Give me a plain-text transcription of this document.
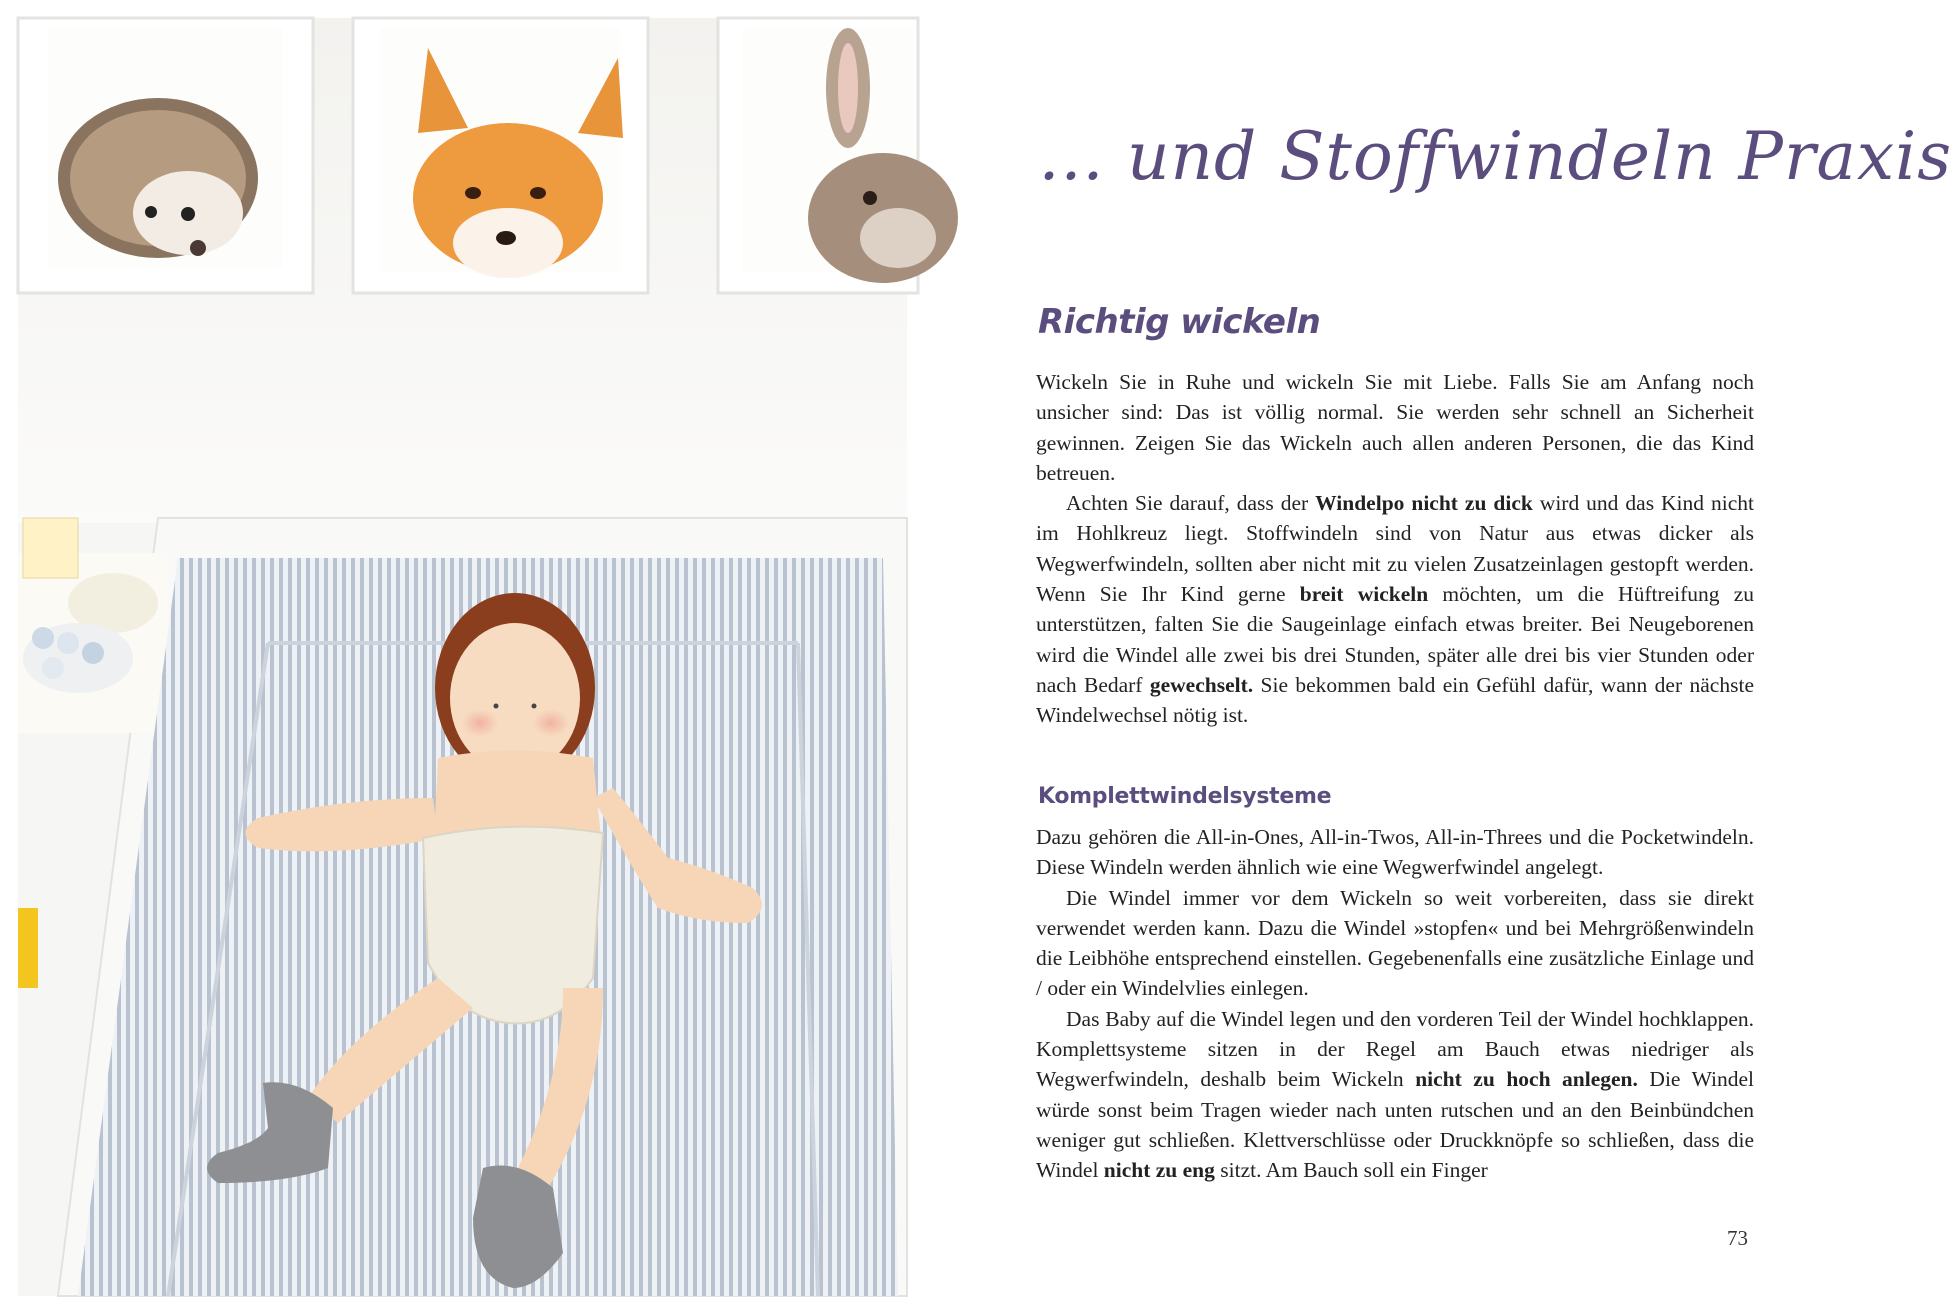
… und Stoffwindeln Praxis
Richtig wickeln

Wickeln Sie in Ruhe und wickeln Sie mit Liebe. Falls Sie am Anfang noch unsicher sind: Das ist völlig normal. Sie werden sehr schnell an Sicherheit gewinnen. Zeigen Sie das Wickeln auch allen anderen Personen, die das Kind betreuen.

Achten Sie darauf, dass der Windelpo nicht zu dick wird und das Kind nicht im Hohlkreuz liegt. Stoffwindeln sind von Natur aus etwas dicker als Wegwerfwindeln, sollten aber nicht mit zu vielen Zusatzeinlagen gestopft werden. Wenn Sie Ihr Kind gerne breit wickeln möchten, um die Hüftreifung zu unterstützen, falten Sie die Saugeinlage einfach etwas breiter. Bei Neugeborenen wird die Windel alle zwei bis drei Stunden, später alle drei bis vier Stunden oder nach Bedarf gewechselt. Sie bekommen bald ein Gefühl dafür, wann der nächste Windelwechsel nötig ist.

Komplettwindelsysteme

Dazu gehören die All-in-Ones, All-in-Twos, All-in-Threes und die Pocketwindeln. Diese Windeln werden ähnlich wie eine Wegwerfwindel angelegt.

Die Windel immer vor dem Wickeln so weit vorbereiten, dass sie direkt verwendet werden kann. Dazu die Windel »stopfen« und bei Mehrgrößenwindeln die Leibhöhe entsprechend einstellen. Gegebenenfalls eine zusätzliche Einlage und / oder ein Windelvlies einlegen.

Das Baby auf die Windel legen und den vorderen Teil der Windel hochklappen. Komplettsysteme sitzen in der Regel am Bauch etwas niedriger als Wegwerfwindeln, deshalb beim Wickeln nicht zu hoch anlegen. Die Windel würde sonst beim Tragen wieder nach unten rutschen und an den Beinbündchen weniger gut schließen. Klettverschlüsse oder Druckknöpfe so schließen, dass die Windel nicht zu eng sitzt. Am Bauch soll ein Finger

73
